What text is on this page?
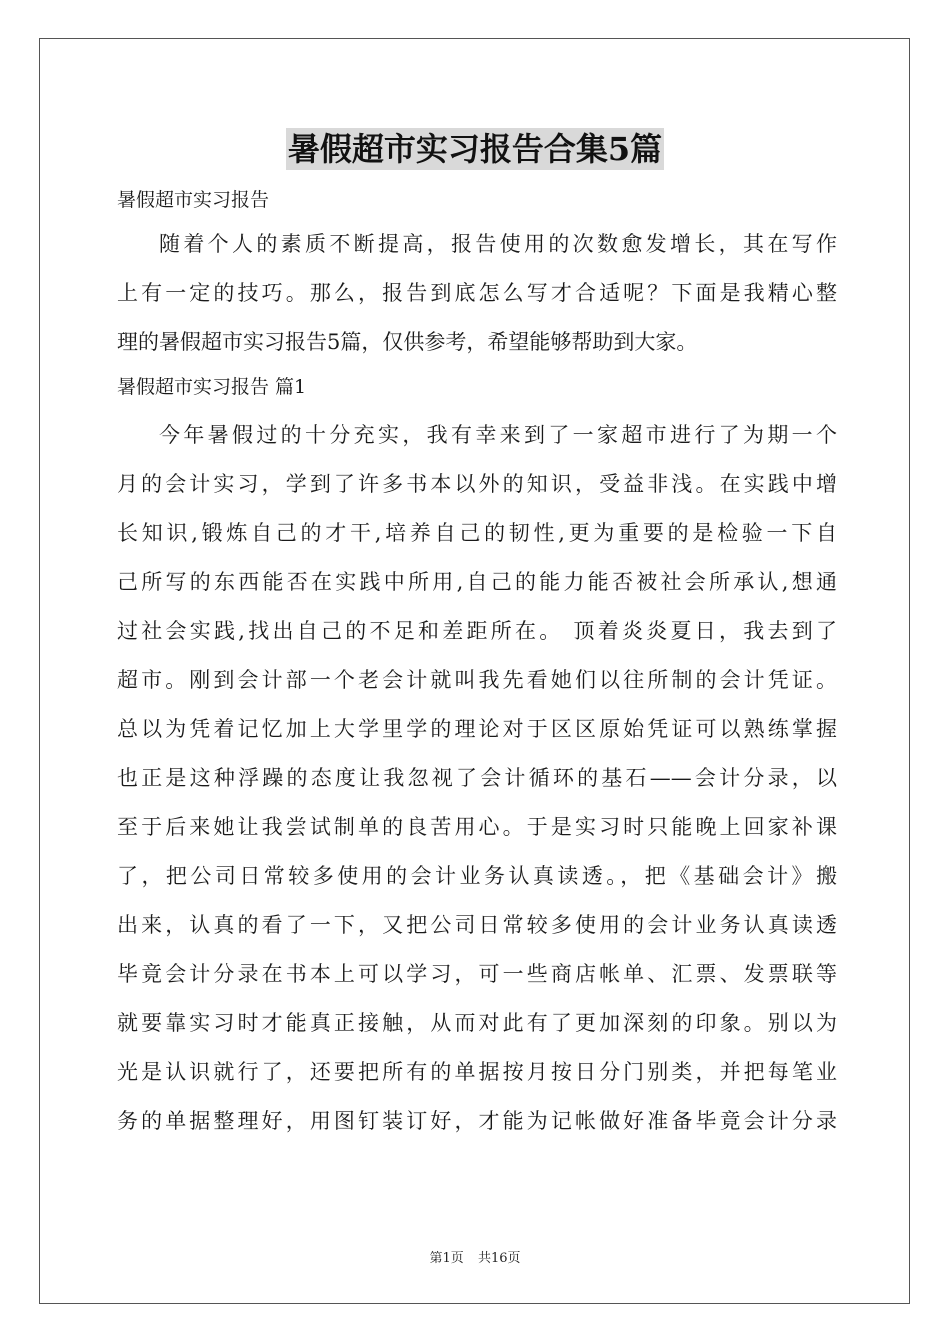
暑假超市实习报告合集5篇
暑假超市实习报告
随着个人的素质不断提高，报告使用的次数愈发增长，其在写作
上有一定的技巧。那么，报告到底怎么写才合适呢？下面是我精心整
理的暑假超市实习报告5篇，仅供参考，希望能够帮助到大家。
暑假超市实习报告 篇1
今年暑假过的十分充实，我有幸来到了一家超市进行了为期一个
月的会计实习，学到了许多书本以外的知识，受益非浅。在实践中增
长知识,锻炼自己的才干,培养自己的韧性,更为重要的是检验一下自
己所写的东西能否在实践中所用,自己的能力能否被社会所承认,想通
过社会实践,找出自己的不足和差距所在。 顶着炎炎夏日，我去到了
超市。刚到会计部一个老会计就叫我先看她们以往所制的会计凭证。
总以为凭着记忆加上大学里学的理论对于区区原始凭证可以熟练掌握
也正是这种浮躁的态度让我忽视了会计循环的基石——会计分录，以
至于后来她让我尝试制单的良苦用心。于是实习时只能晚上回家补课
了，把公司日常较多使用的会计业务认真读透。，把《基础会计》搬
出来，认真的看了一下，又把公司日常较多使用的会计业务认真读透
毕竟会计分录在书本上可以学习，可一些商店帐单、汇票、发票联等
就要靠实习时才能真正接触，从而对此有了更加深刻的印象。别以为
光是认识就行了，还要把所有的单据按月按日分门别类，并把每笔业
务的单据整理好，用图钉装订好，才能为记帐做好准备毕竟会计分录
第1页 共16页
